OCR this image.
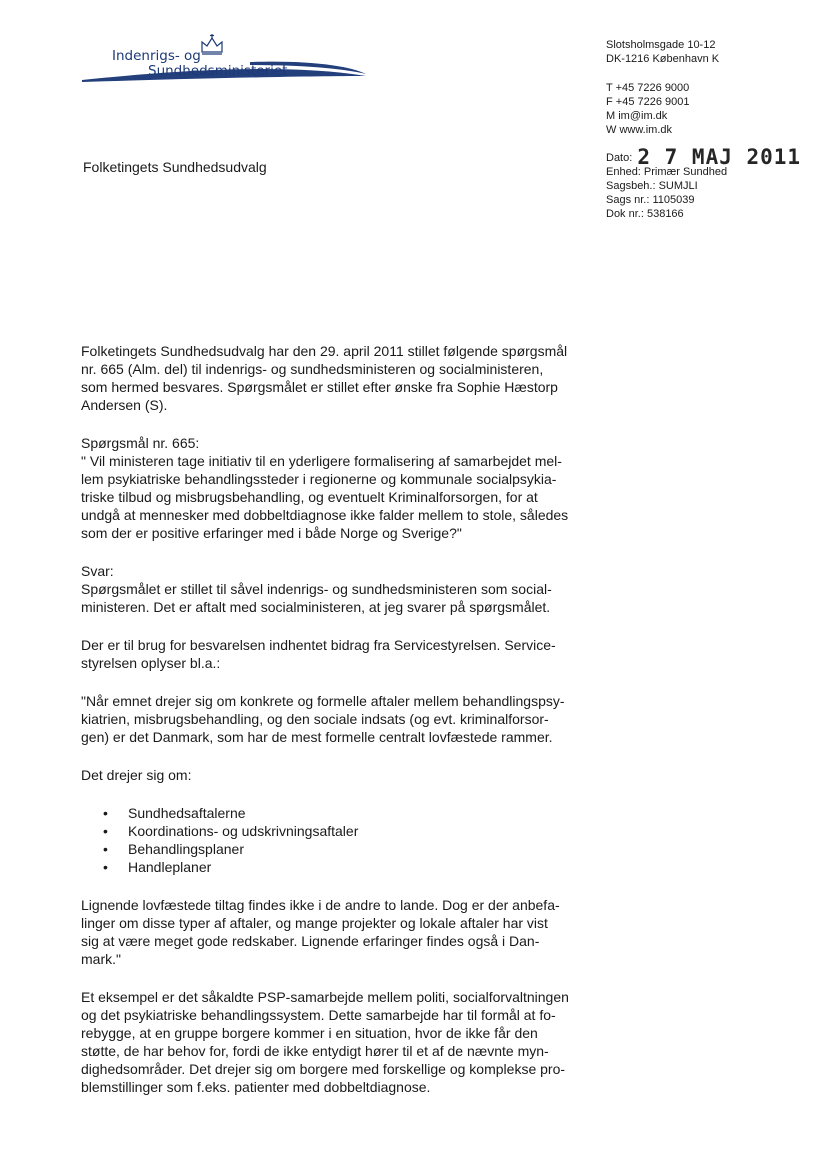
Indenrigs- og
Sundhedsministeriet
Slotsholmsgade 10-12
DK-1216 København K
T +45 7226 9000
F +45 7226 9001
M im@im.dk
W www.im.dk
Folketingets Sundhedsudvalg
Dato: 2 7 MAJ 2011
Enhed: Primær Sundhed
Sagsbeh.: SUMJLI
Sags nr.: 1105039
Dok nr.: 538166

Folketingets Sundhedsudvalg har den 29. april 2011 stillet følgende spørgsmål

nr. 665 (Alm. del) til indenrigs- og sundhedsministeren og socialministeren,

som hermed besvares. Spørgsmålet er stillet efter ønske fra Sophie Hæstorp

Andersen (S).

Spørgsmål nr. 665:

" Vil ministeren tage initiativ til en yderligere formalisering af samarbejdet mel-

lem psykiatriske behandlingssteder i regionerne og kommunale socialpsykia-

triske tilbud og misbrugsbehandling, og eventuelt Kriminalforsorgen, for at

undgå at mennesker med dobbeltdiagnose ikke falder mellem to stole, således

som der er positive erfaringer med i både Norge og Sverige?"

Svar:

Spørgsmålet er stillet til såvel indenrigs- og sundhedsministeren som social-

ministeren. Det er aftalt med socialministeren, at jeg svarer på spørgsmålet.

Der er til brug for besvarelsen indhentet bidrag fra Servicestyrelsen. Service-

styrelsen oplyser bl.a.:

"Når emnet drejer sig om konkrete og formelle aftaler mellem behandlingspsy-

kiatrien, misbrugsbehandling, og den sociale indsats (og evt. kriminalforsor-

gen) er det Danmark, som har de mest formelle centralt lovfæstede rammer.

Det drejer sig om:

• Sundhedsaftalerne
• Koordinations- og udskrivningsaftaler
• Behandlingsplaner
• Handleplaner

Lignende lovfæstede tiltag findes ikke i de andre to lande. Dog er der anbefa-

linger om disse typer af aftaler, og mange projekter og lokale aftaler har vist

sig at være meget gode redskaber. Lignende erfaringer findes også i Dan-

mark."

Et eksempel er det såkaldte PSP-samarbejde mellem politi, socialforvaltningen

og det psykiatriske behandlingssystem. Dette samarbejde har til formål at fo-

rebygge, at en gruppe borgere kommer i en situation, hvor de ikke får den

støtte, de har behov for, fordi de ikke entydigt hører til et af de nævnte myn-

dighedsområder. Det drejer sig om borgere med forskellige og komplekse pro-

blemstillinger som f.eks. patienter med dobbeltdiagnose.
